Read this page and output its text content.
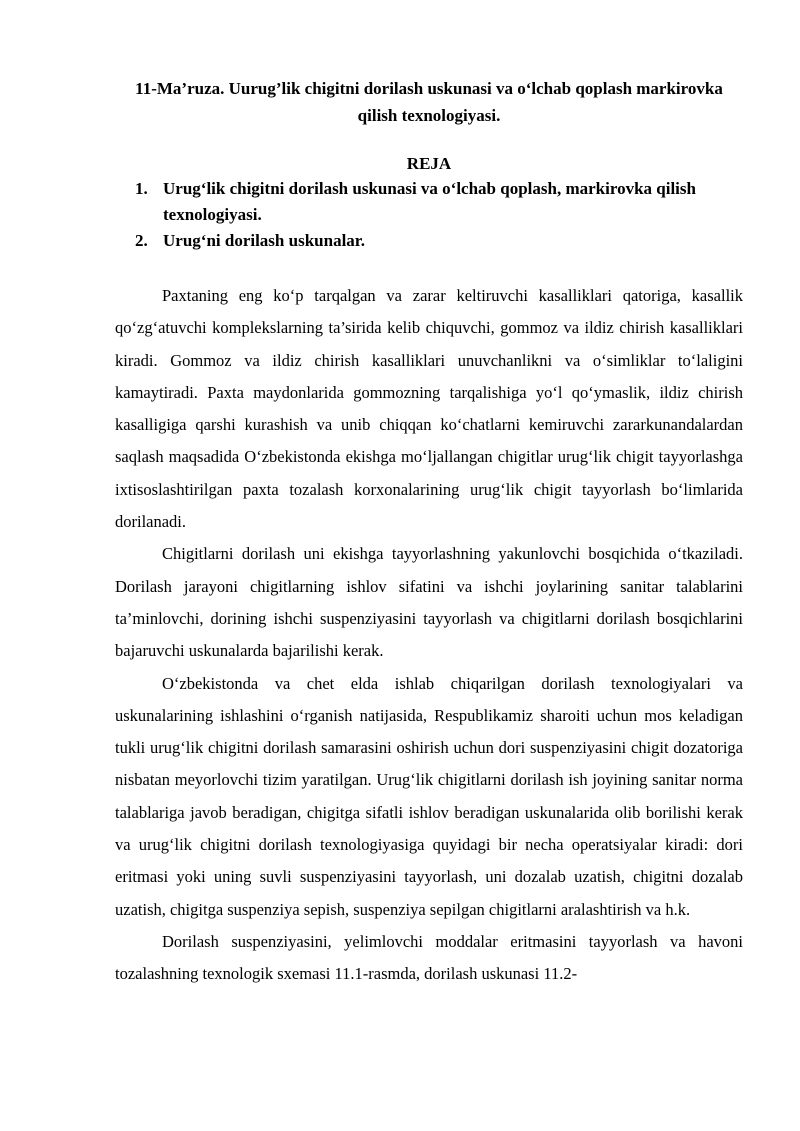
11-Ma’ruza. Uurug’lik chigitni dorilash uskunasi va o‘lchab qoplash markirovka qilish texnologiyasi.
REJA
1. Urug‘lik chigitni dorilash uskunasi va o‘lchab qoplash, markirovka qilish texnologiyasi.
2. Urug‘ni dorilash uskunalar.

Paxtaning eng ko‘p tarqalgan va zarar keltiruvchi kasalliklari qatoriga, kasallik qo‘zg‘atuvchi komplekslarning ta’sirida kelib chiquvchi, gommoz va ildiz chirish kasalliklari kiradi. Gommoz va ildiz chirish kasalliklari unuvchanlikni va o‘simliklar to‘laligini kamaytiradi. Paxta maydonlarida gommozning tarqalishiga yo‘l qo‘ymaslik, ildiz chirish kasalligiga qarshi kurashish va unib chiqqan ko‘chatlarni kemiruvchi zararkunandalardan saqlash maqsadida O‘zbekistonda ekishga mo‘ljallangan chigitlar urug‘lik chigit tayyorlashga ixtisoslashtirilgan paxta tozalash korxonalarining urug‘lik chigit tayyorlash bo‘limlarida dorilanadi.

Chigitlarni dorilash uni ekishga tayyorlashning yakunlovchi bosqichida o‘tkaziladi. Dorilash jarayoni chigitlarning ishlov sifatini va ishchi joylarining sanitar talablarini ta’minlovchi, dorining ishchi suspenziyasini tayyorlash va chigitlarni dorilash bosqichlarini bajaruvchi uskunalarda bajarilishi kerak.

O‘zbekistonda va chet elda ishlab chiqarilgan dorilash texnologiyalari va uskunalarining ishlashini o‘rganish natijasida, Respublikamiz sharoiti uchun mos keladigan tukli urug‘lik chigitni dorilash samarasini oshirish uchun dori suspenziyasini chigit dozatoriga nisbatan meyorlovchi tizim yaratilgan. Urug‘lik chigitlarni dorilash ish joyining sanitar norma talablariga javob beradigan, chigitga sifatli ishlov beradigan uskunalarida olib borilishi kerak va urug‘lik chigitni dorilash texnologiyasiga quyidagi bir necha operatsiyalar kiradi: dori eritmasi yoki uning suvli suspenziyasini tayyorlash, uni dozalab uzatish, chigitni dozalab uzatish, chigitga suspenziya sepish, suspenziya sepilgan chigitlarni aralashtirish va h.k.

Dorilash suspenziyasini, yelimlovchi moddalar eritmasini tayyorlash va havoni tozalashning texnologik sxemasi 11.1-rasmda, dorilash uskunasi 11.2-
